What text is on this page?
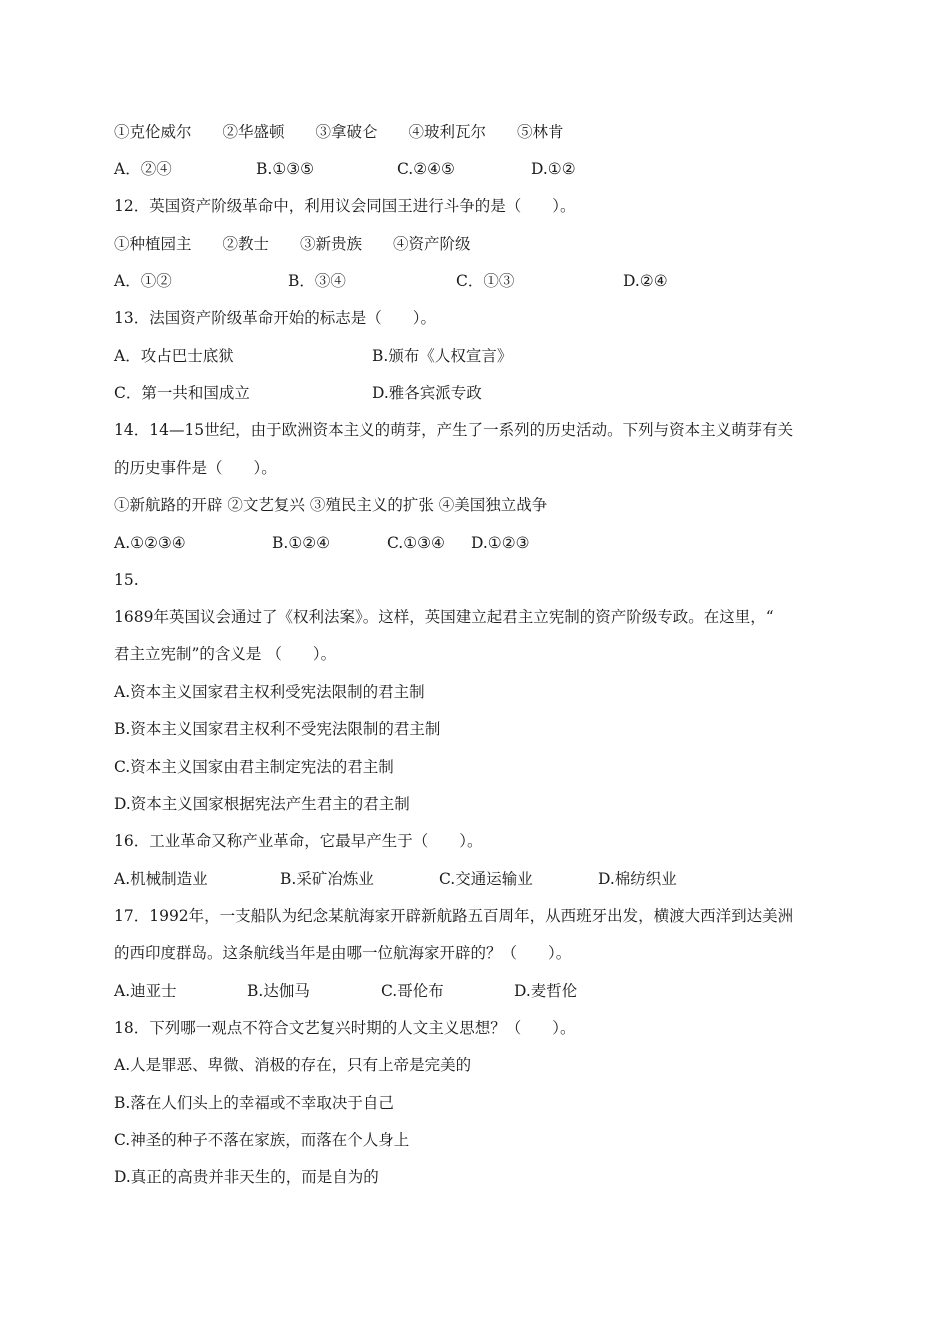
①克伦威尔　　②华盛顿　　③拿破仑　　④玻利瓦尔　　⑤林肯
A．②④	B.①③⑤	C.②④⑤	D.①②
12．英国资产阶级革命中，利用议会同国王进行斗争的是（　　）。
①种植园主　　②教士　　③新贵族　　④资产阶级
A．①②	B．③④	C．①③	D.②④
13．法国资产阶级革命开始的标志是（　　）。
A．攻占巴士底狱	B.颁布《人权宣言》
C．第一共和国成立	D.雅各宾派专政
14．14—15世纪，由于欧洲资本主义的萌芽，产生了一系列的历史活动。下列与资本主义萌芽有关
的历史事件是（　　）。
①新航路的开辟 ②文艺复兴 ③殖民主义的扩张 ④美国独立战争
A.①②③④	B.①②④	C.①③④ D.①②③
15.
1689年英国议会通过了《权利法案》。这样，英国建立起君主立宪制的资产阶级专政。在这里，“
君主立宪制”的含义是 （　　）。
A.资本主义国家君主权利受宪法限制的君主制
B.资本主义国家君主权利不受宪法限制的君主制
C.资本主义国家由君主制定宪法的君主制
D.资本主义国家根据宪法产生君主的君主制
16．工业革命又称产业革命，它最早产生于（　　）。
A.机械制造业	B.采矿冶炼业	C.交通运输业	D.棉纺织业
17．1992年，一支船队为纪念某航海家开辟新航路五百周年，从西班牙出发，横渡大西洋到达美洲
的西印度群岛。这条航线当年是由哪一位航海家开辟的？（　　）。
A.迪亚士	B.达伽马	C.哥伦布	D.麦哲伦
18．下列哪一观点不符合文艺复兴时期的人文主义思想？（　　）。
A.人是罪恶、卑微、消极的存在，只有上帝是完美的
B.落在人们头上的幸福或不幸取决于自己
C.神圣的种子不落在家族，而落在个人身上
D.真正的高贵并非天生的，而是自为的
